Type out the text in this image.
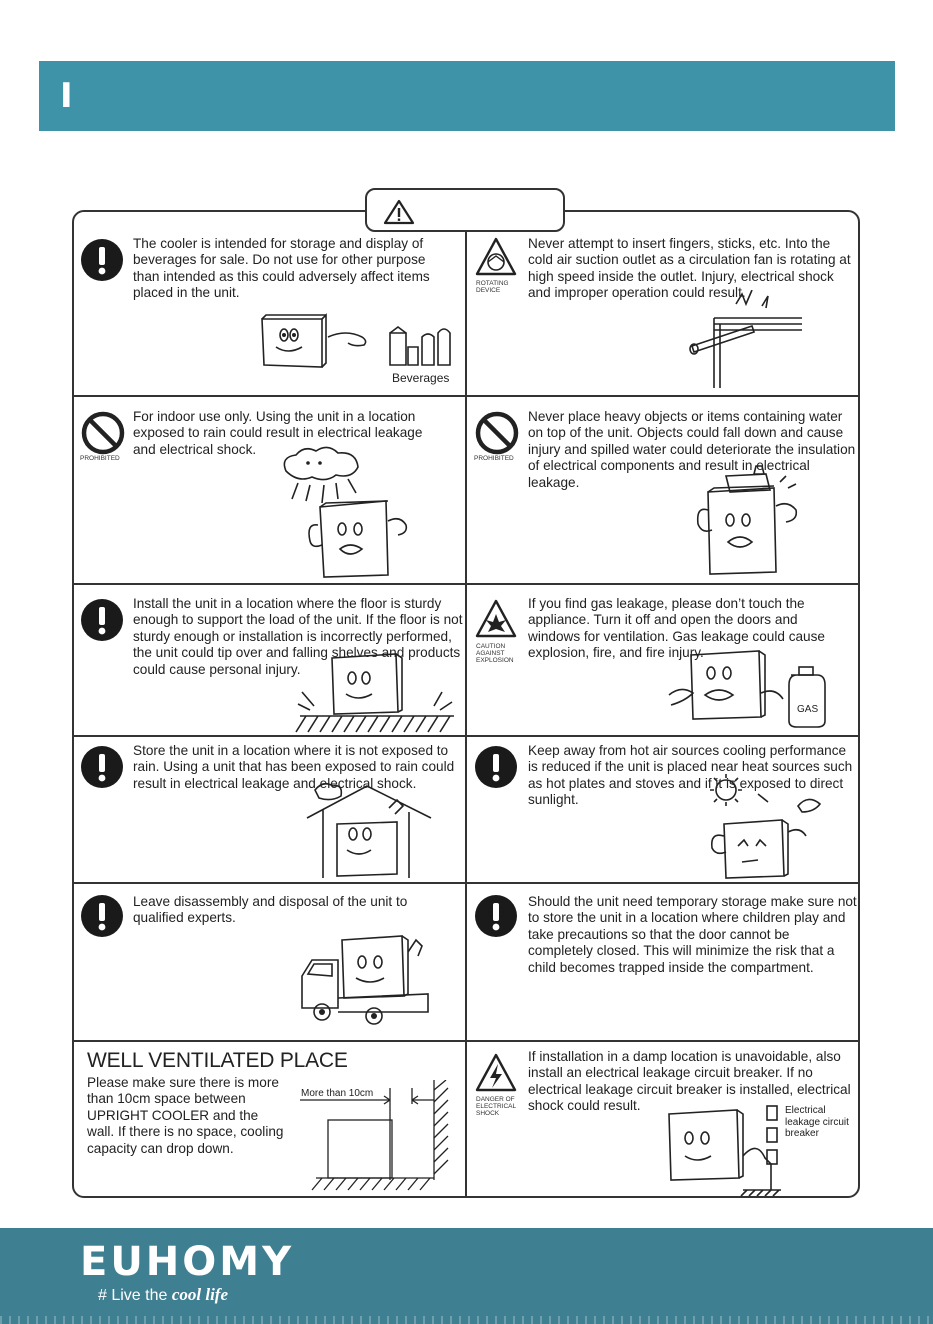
I

The cooler is intended for storage and display of beverages for sale. Do not use for other purpose than intended as this could adversely affect items placed in the unit.

Beverages
ROTATING DEVICE

Never attempt to insert fingers, sticks, etc. Into the cold air suction outlet as a circulation fan is rotating at high speed inside the outlet. Injury, electrical shock and improper operation could result.

PROHIBITED

For indoor use only. Using the unit in a location exposed to rain could result in electrical leakage and electrical shock.

PROHIBITED

Never place heavy objects or items containing water on top of the unit. Objects could fall down and cause injury and spilled water could deteriorate the insulation of electrical components and result in electrical leakage.

Install the unit in a location where the floor is sturdy enough to support the load of the unit. If the floor is not sturdy enough or installation is incorrectly performed, the unit could tip over and falling shelves and products could cause personal injury.

CAUTION AGAINST EXPLOSION

If you find gas leakage, please don’t touch the appliance. Turn it off and open the doors and windows for ventilation. Gas leakage could cause explosion, fire, and fire injury.

GAS

Store the unit in a location where it is not exposed to rain. Using a unit that has been exposed to rain could result in electrical leakage and electrical shock.

Keep away from hot air sources cooling performance is reduced if the unit is placed near heat sources such as hot plates and stoves and if it is exposed to direct sunlight.

Leave disassembly and disposal of the unit to qualified experts.

Should the unit need temporary storage make sure not to store the unit in a location where children play and take precautions so that the door cannot be completely closed. This will minimize the risk that a child becomes trapped inside the compartment.

WELL VENTILATED PLACE

Please make sure there is more than 10cm space between UPRIGHT COOLER and the wall. If there is no space, cooling capacity can drop down.

More than 10cm
DANGER OF ELECTRICAL SHOCK

If installation in a damp location is unavoidable, also install an electrical leakage circuit breaker. If no electrical leakage circuit breaker is installed, electrical shock could result.	Electrical leakage circuit breaker
EUHOMY
# Live the cool life
